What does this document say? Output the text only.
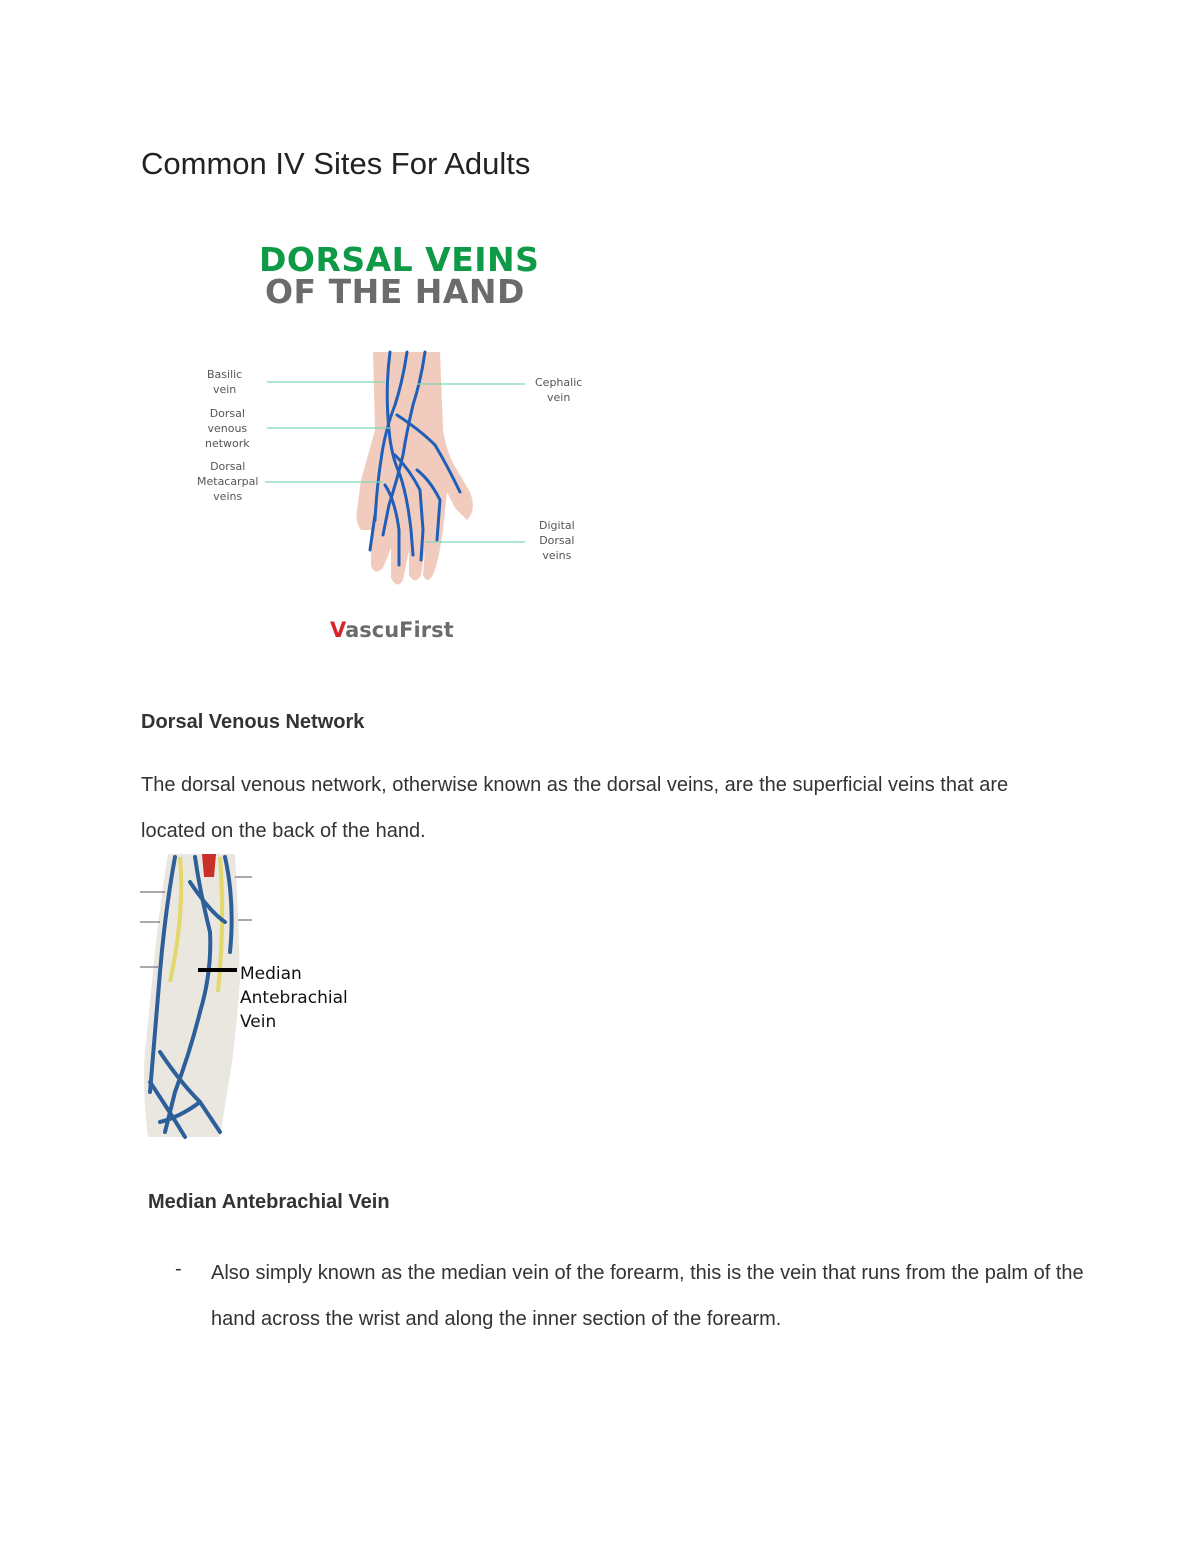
Common IV Sites For Adults
DORSAL VEINS
OF THE HAND
Basilic
vein
Dorsal
venous
network
Dorsal
Metacarpal
veins
Cephalic
vein
Digital
Dorsal
veins
VascuFirst
Dorsal Venous Network
The dorsal venous network, otherwise known as the dorsal veins, are the superficial veins that are located on the back of the hand.
Median
Antebrachial
Vein
Median Antebrachial Vein
- Also simply known as the median vein of the forearm, this is the vein that runs from the palm of the hand across the wrist and along the inner section of the forearm.
